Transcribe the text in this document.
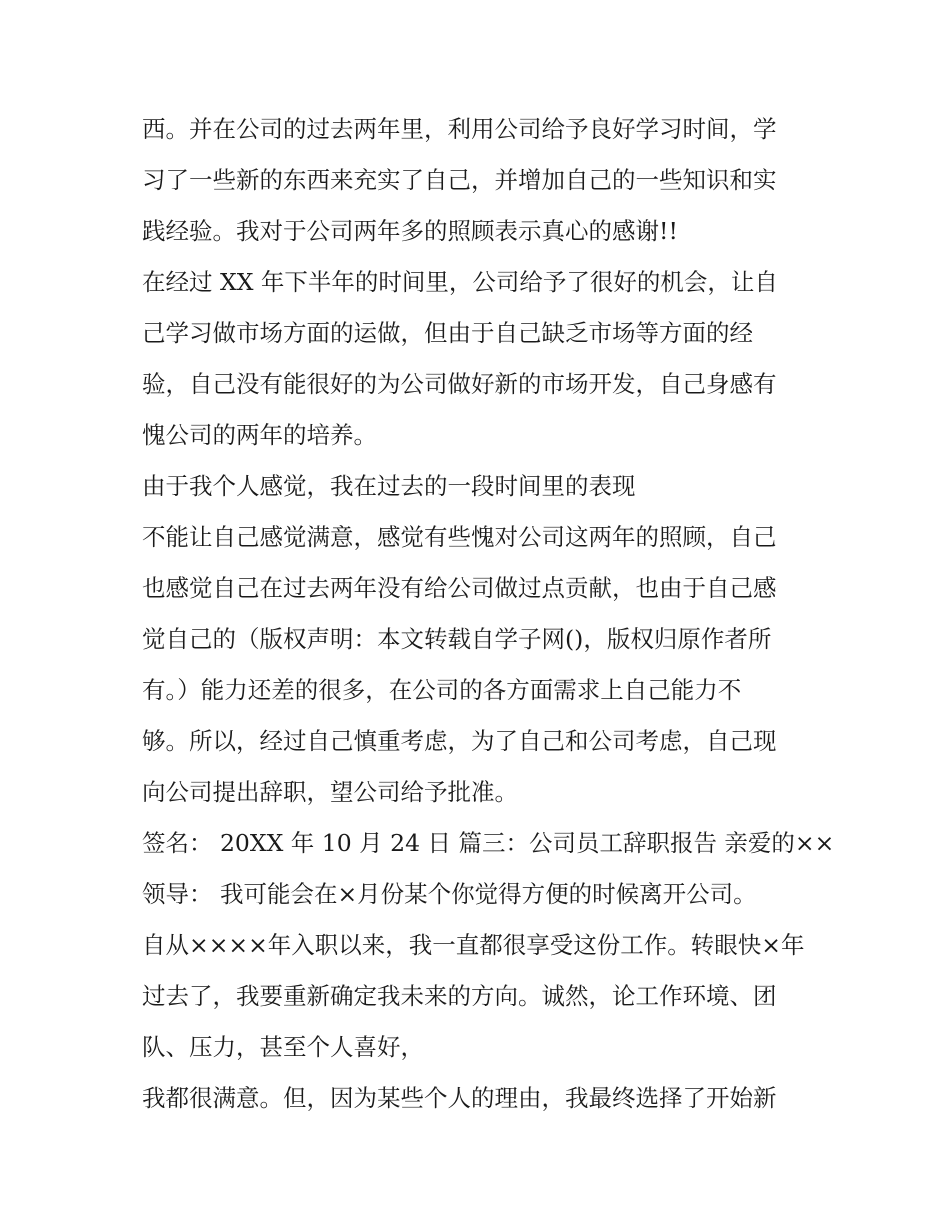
西。并在公司的过去两年里，利用公司给予良好学习时间，学
习了一些新的东西来充实了自己，并增加自己的一些知识和实
践经验。我对于公司两年多的照顾表示真心的感谢!!
在经过 XX 年下半年的时间里，公司给予了很好的机会，让自
己学习做市场方面的运做，但由于自己缺乏市场等方面的经
验，自己没有能很好的为公司做好新的市场开发，自己身感有
愧公司的两年的培养。
由于我个人感觉，我在过去的一段时间里的表现
不能让自己感觉满意，感觉有些愧对公司这两年的照顾，自己
也感觉自己在过去两年没有给公司做过点贡献，也由于自己感
觉自己的（版权声明：本文转载自学子网()，版权归原作者所
有。）能力还差的很多，在公司的各方面需求上自己能力不
够。所以，经过自己慎重考虑，为了自己和公司考虑，自己现
向公司提出辞职，望公司给予批准。
签名： 20XX 年 10 月 24 日 篇三：公司员工辞职报告 亲爱的××
领导： 我可能会在×月份某个你觉得方便的时候离开公司。
自从××××年入职以来，我一直都很享受这份工作。转眼快×年
过去了，我要重新确定我未来的方向。诚然，论工作环境、团
队、压力，甚至个人喜好，
我都很满意。但，因为某些个人的理由，我最终选择了开始新
